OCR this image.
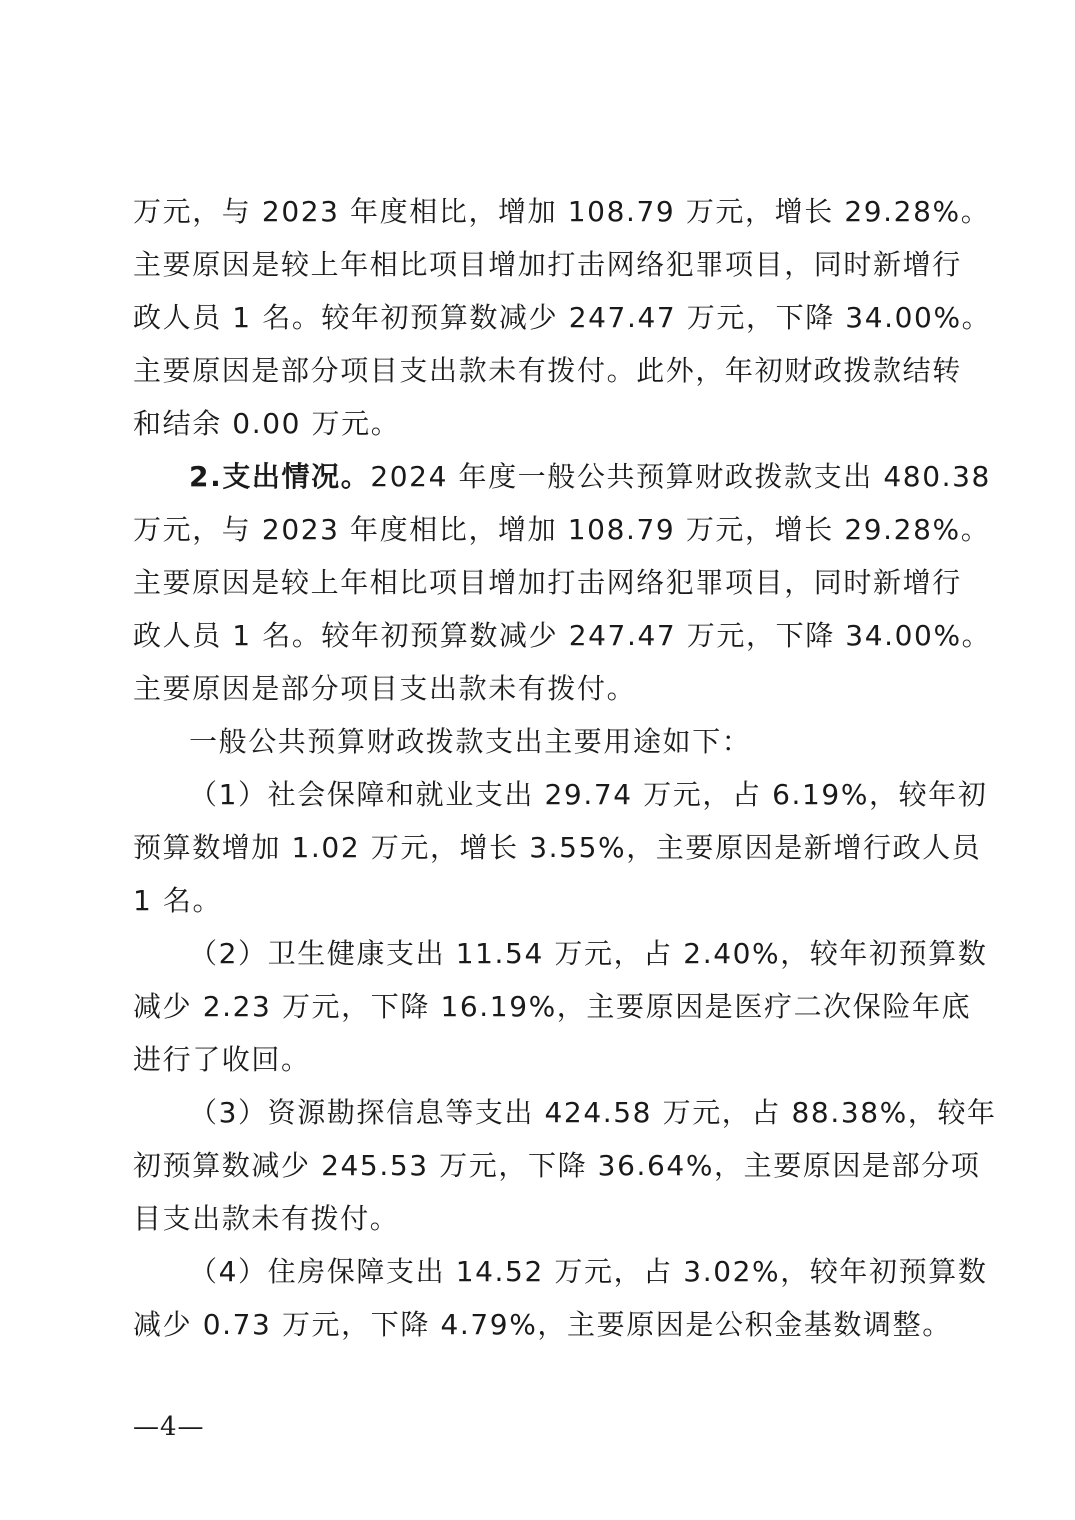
万元，与 2023 年度相比，增加 108.79 万元，增长 29.28%。
主要原因是较上年相比项目增加打击网络犯罪项目，同时新增行
政人员 1 名。较年初预算数减少 247.47 万元，下降 34.00%。
主要原因是部分项目支出款未有拨付。此外，年初财政拨款结转
和结余 0.00 万元。
2.支出情况。2024 年度一般公共预算财政拨款支出 480.38
万元，与 2023 年度相比，增加 108.79 万元，增长 29.28%。
主要原因是较上年相比项目增加打击网络犯罪项目，同时新增行
政人员 1 名。较年初预算数减少 247.47 万元，下降 34.00%。
主要原因是部分项目支出款未有拨付。
一般公共预算财政拨款支出主要用途如下：
（1）社会保障和就业支出 29.74 万元，占 6.19%，较年初
预算数增加 1.02 万元，增长 3.55%，主要原因是新增行政人员
1 名。
（2）卫生健康支出 11.54 万元，占 2.40%，较年初预算数
减少 2.23 万元，下降 16.19%，主要原因是医疗二次保险年底
进行了收回。
（3）资源勘探信息等支出 424.58 万元，占 88.38%，较年
初预算数减少 245.53 万元，下降 36.64%，主要原因是部分项
目支出款未有拨付。
（4）住房保障支出 14.52 万元，占 3.02%，较年初预算数
减少 0.73 万元，下降 4.79%，主要原因是公积金基数调整。
—4—
